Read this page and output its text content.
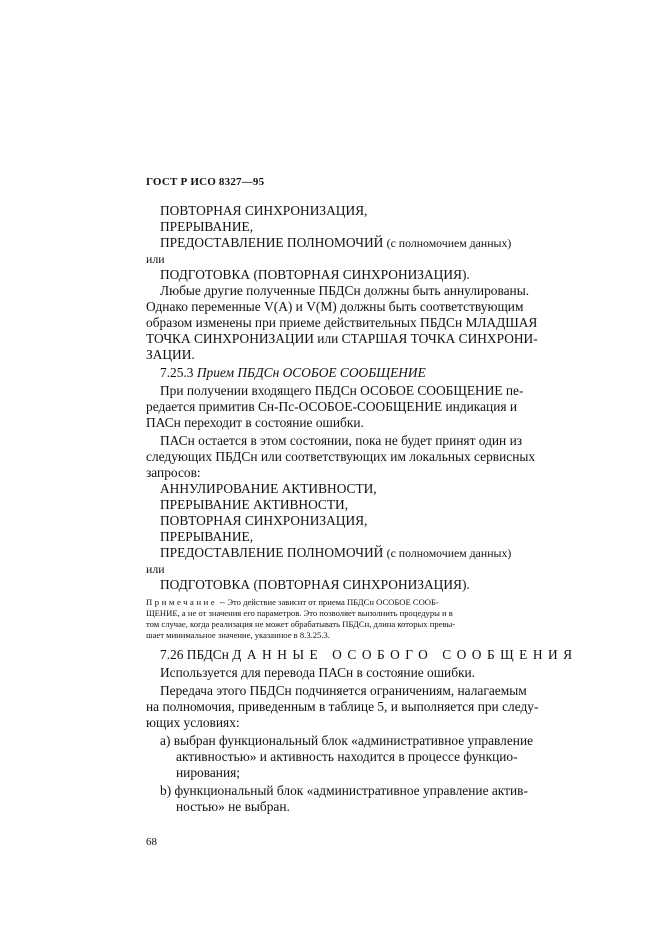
ГОСТ Р ИСО 8327—95
ПОВТОРНАЯ СИНХРОНИЗАЦИЯ,
ПРЕРЫВАНИЕ,
ПРЕДОСТАВЛЕНИЕ ПОЛНОМОЧИЙ (с полномочием данных)
или
ПОДГОТОВКА (ПОВТОРНАЯ СИНХРОНИЗАЦИЯ).
Любые другие полученные ПБДСн должны быть аннулированы.
Однако переменные V(A) и V(M) должны быть соответствующим
образом изменены при приеме действительных ПБДСн МЛАДШАЯ
ТОЧКА СИНХРОНИЗАЦИИ или СТАРШАЯ ТОЧКА СИНХРОНИ-
ЗАЦИИ.
7.25.3 Прием ПБДСн ОСОБОЕ СООБЩЕНИЕ
При получении входящего ПБДСн ОСОБОЕ СООБЩЕНИЕ пе-
редается примитив Сн-Пс-ОСОБОЕ-СООБЩЕНИЕ индикация и
ПАСн переходит в состояние ошибки.
ПАСн остается в этом состоянии, пока не будет принят один из
следующих ПБДСн или соответствующих им локальных сервисных
запросов:
АННУЛИРОВАНИЕ АКТИВНОСТИ,
ПРЕРЫВАНИЕ АКТИВНОСТИ,
ПОВТОРНАЯ СИНХРОНИЗАЦИЯ,
ПРЕРЫВАНИЕ,
ПРЕДОСТАВЛЕНИЕ ПОЛНОМОЧИЙ (с полномочием данных)
или
ПОДГОТОВКА (ПОВТОРНАЯ СИНХРОНИЗАЦИЯ).
Примечание -- Это действие зависит от приема ПБДСн ОСОБОЕ СООБ-
ЩЕНИЕ, а не от значения его параметров. Это позволяет выполнить процедуры и в
том случае, когда реализация не может обрабатывать ПБДСн, длина которых превы-
шает минимальное значение, указанное в 8.3.25.3.
7.26 ПБДСн ДАННЫЕ ОСОБОГО СООБЩЕНИЯ
Используется для перевода ПАСн в состояние ошибки.
Передача этого ПБДСн подчиняется ограничениям, налагаемым
на полномочия, приведенным в таблице 5, и выполняется при следу-
ющих условиях:
а) выбран функциональный блок «административное управление
активностью» и активность находится в процессе функцио-
нирования;
b) функциональный блок «административное управление актив-
ностью» не выбран.
68
